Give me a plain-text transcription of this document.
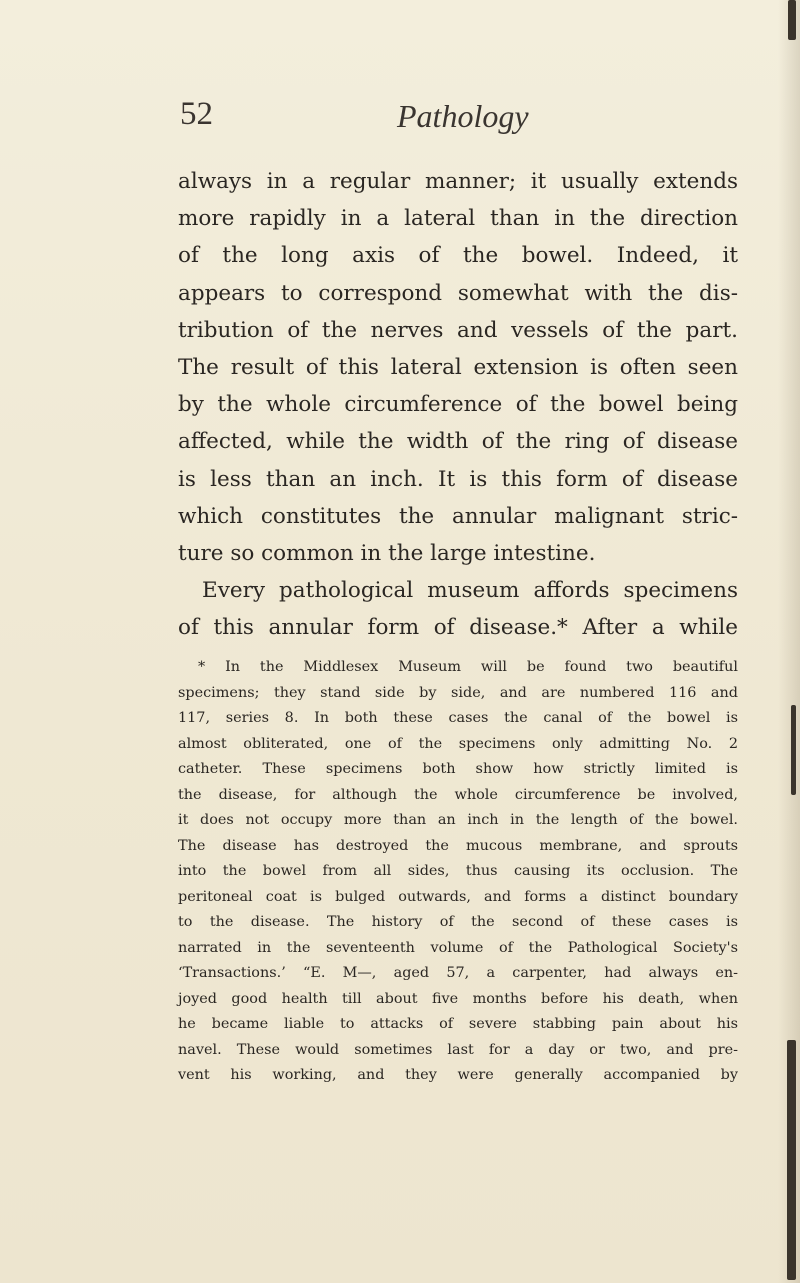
52	Pathology
always in a regular manner; it usually extends
more rapidly in a lateral than in the direction
of the long axis of the bowel. Indeed, it
appears to correspond somewhat with the dis-
tribution of the nerves and vessels of the part.
The result of this lateral extension is often seen
by the whole circumference of the bowel being
affected, while the width of the ring of disease
is less than an inch. It is this form of disease
which constitutes the annular malignant stric-
ture so common in the large intestine.
Every pathological museum affords specimens
of this annular form of disease.* After a while
* In the Middlesex Museum will be found two beautiful
specimens; they stand side by side, and are numbered 116 and
117, series 8. In both these cases the canal of the bowel is
almost obliterated, one of the specimens only admitting No. 2
catheter. These specimens both show how strictly limited is
the disease, for although the whole circumference be involved,
it does not occupy more than an inch in the length of the bowel.
The disease has destroyed the mucous membrane, and sprouts
into the bowel from all sides, thus causing its occlusion. The
peritoneal coat is bulged outwards, and forms a distinct boundary
to the disease. The history of the second of these cases is
narrated in the seventeenth volume of the Pathological Society's
‘Transactions.’ “E. M—, aged 57, a carpenter, had always en-
joyed good health till about five months before his death, when
he became liable to attacks of severe stabbing pain about his
navel. These would sometimes last for a day or two, and pre-
vent his working, and they were generally accompanied by
